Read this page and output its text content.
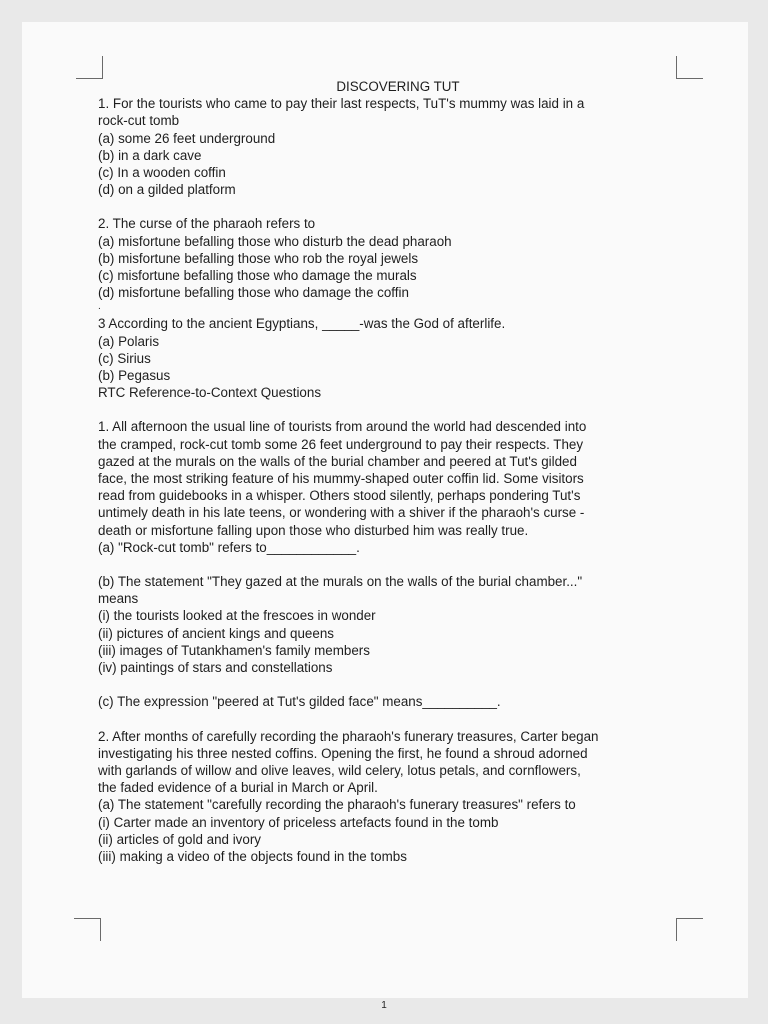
DISCOVERING TUT

1. For the tourists who came to pay their last respects, TuT's mummy was laid in a

rock-cut tomb

(a) some 26 feet underground

(b) in a dark cave

(c) In a wooden coffin

(d) on a gilded platform

2. The curse of the pharaoh refers to

(a) misfortune befalling those who disturb the dead pharaoh

(b) misfortune befalling those who rob the royal jewels

(c) misfortune befalling those who damage the murals

(d) misfortune befalling those who damage the coffin

.

3 According to the ancient Egyptians, _____-was the God of afterlife.

(a) Polaris

(c) Sirius

(b) Pegasus

RTC Reference-to-Context Questions

1. All afternoon the usual line of tourists from around the world had descended into

the cramped, rock-cut tomb some 26 feet underground to pay their respects. They

gazed at the murals on the walls of the burial chamber and peered at Tut's gilded

face, the most striking feature of his mummy-shaped outer coffin lid. Some visitors

read from guidebooks in a whisper. Others stood silently, perhaps pondering Tut's

untimely death in his late teens, or wondering with a shiver if the pharaoh's curse -

death or misfortune falling upon those who disturbed him was really true.

(a) "Rock-cut tomb" refers to____________.

(b) The statement "They gazed at the murals on the walls of the burial chamber..."

means

(i) the tourists looked at the frescoes in wonder

(ii) pictures of ancient kings and queens

(iii) images of Tutankhamen's family members

(iv) paintings of stars and constellations

(c) The expression "peered at Tut's gilded face" means__________.

2. After months of carefully recording the pharaoh's funerary treasures, Carter began

investigating his three nested coffins. Opening the first, he found a shroud adorned

with garlands of willow and olive leaves, wild celery, lotus petals, and cornflowers,

the faded evidence of a burial in March or April.

(a) The statement "carefully recording the pharaoh's funerary treasures" refers to

(i) Carter made an inventory of priceless artefacts found in the tomb

(ii) articles of gold and ivory

(iii) making a video of the objects found in the tombs

1
